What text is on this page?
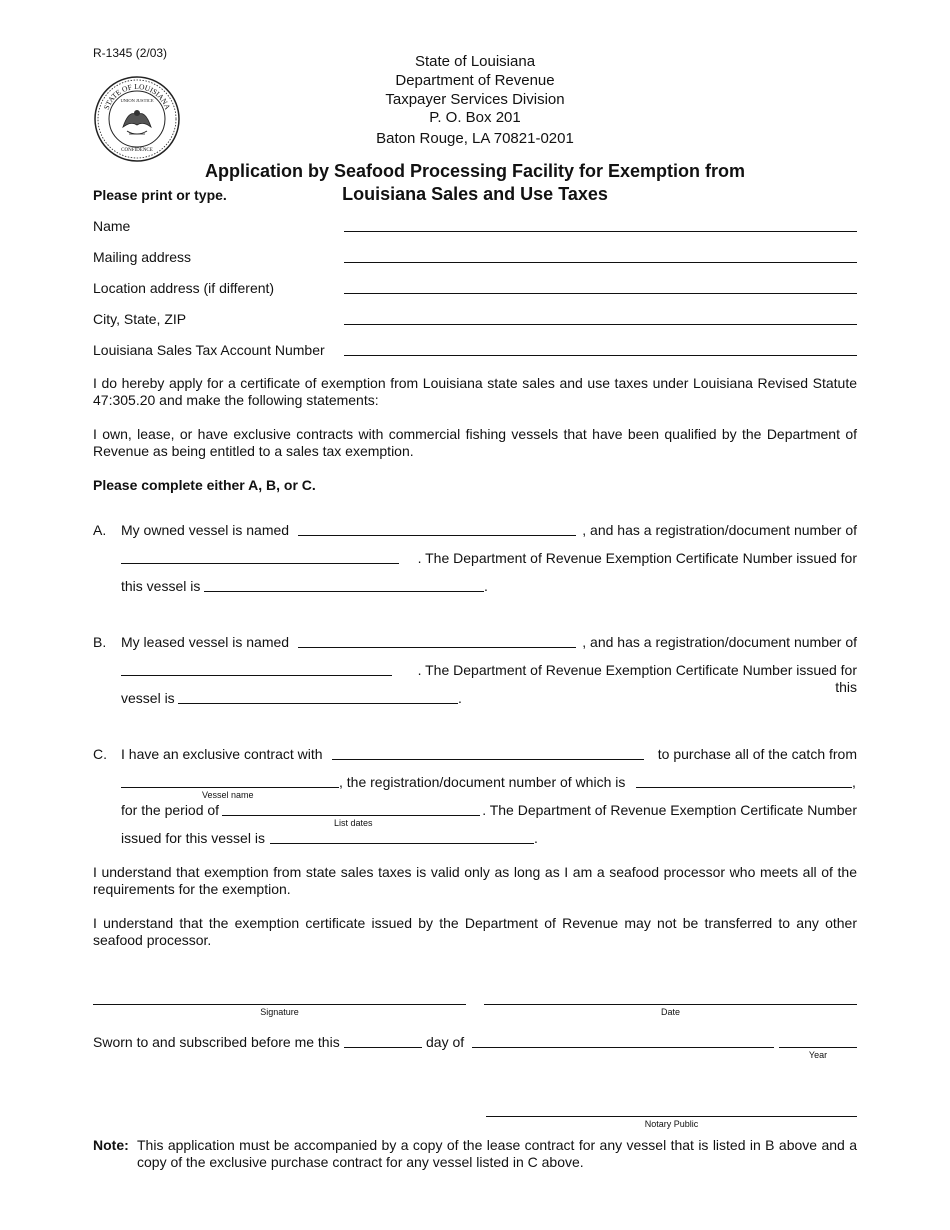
R-1345 (2/03)
STATE OF LOUISIANA
UNION JUSTICE
CONFIDENCE
State of Louisiana
Department of Revenue
Taxpayer Services Division
P. O. Box 201
Baton Rouge, LA 70821-0201
Application by Seafood Processing Facility for Exemption from
Louisiana Sales and Use Taxes
Please print or type.
Name
Mailing address
Location address (if different)
City, State, ZIP
Louisiana Sales Tax Account Number
I do hereby apply for a certificate of exemption from Louisiana state sales and use taxes under Louisiana Revised Statute 47:305.20 and make the following statements:
I own, lease, or have exclusive contracts with commercial fishing vessels that have been qualified by the Department of Revenue as being entitled to a sales tax exemption.
Please complete either A, B, or C.
A. My owned vessel is named	, and has a registration/document number of
. The Department of Revenue Exemption Certificate Number issued for
this vessel is	.
B. My leased vessel is named	, and has a registration/document number of
. The Department of Revenue Exemption Certificate Number issued for this
vessel is	.
C. I have an exclusive contract with	to purchase all of the catch from
, the registration/document number of which is	,
Vessel name
for the period of	. The Department of Revenue Exemption Certificate Number
List dates
issued for this vessel is	.
I understand that exemption from state sales taxes is valid only as long as I am a seafood processor who meets all of the requirements for the exemption.
I understand that the exemption certificate issued by the Department of Revenue may not be transferred to any other seafood processor.
Signature	Date
Sworn to and subscribed before me this	day of
Year
Notary Public
Note: This application must be accompanied by a copy of the lease contract for any vessel that is listed in B above and a copy of the exclusive purchase contract for any vessel listed in C above.
